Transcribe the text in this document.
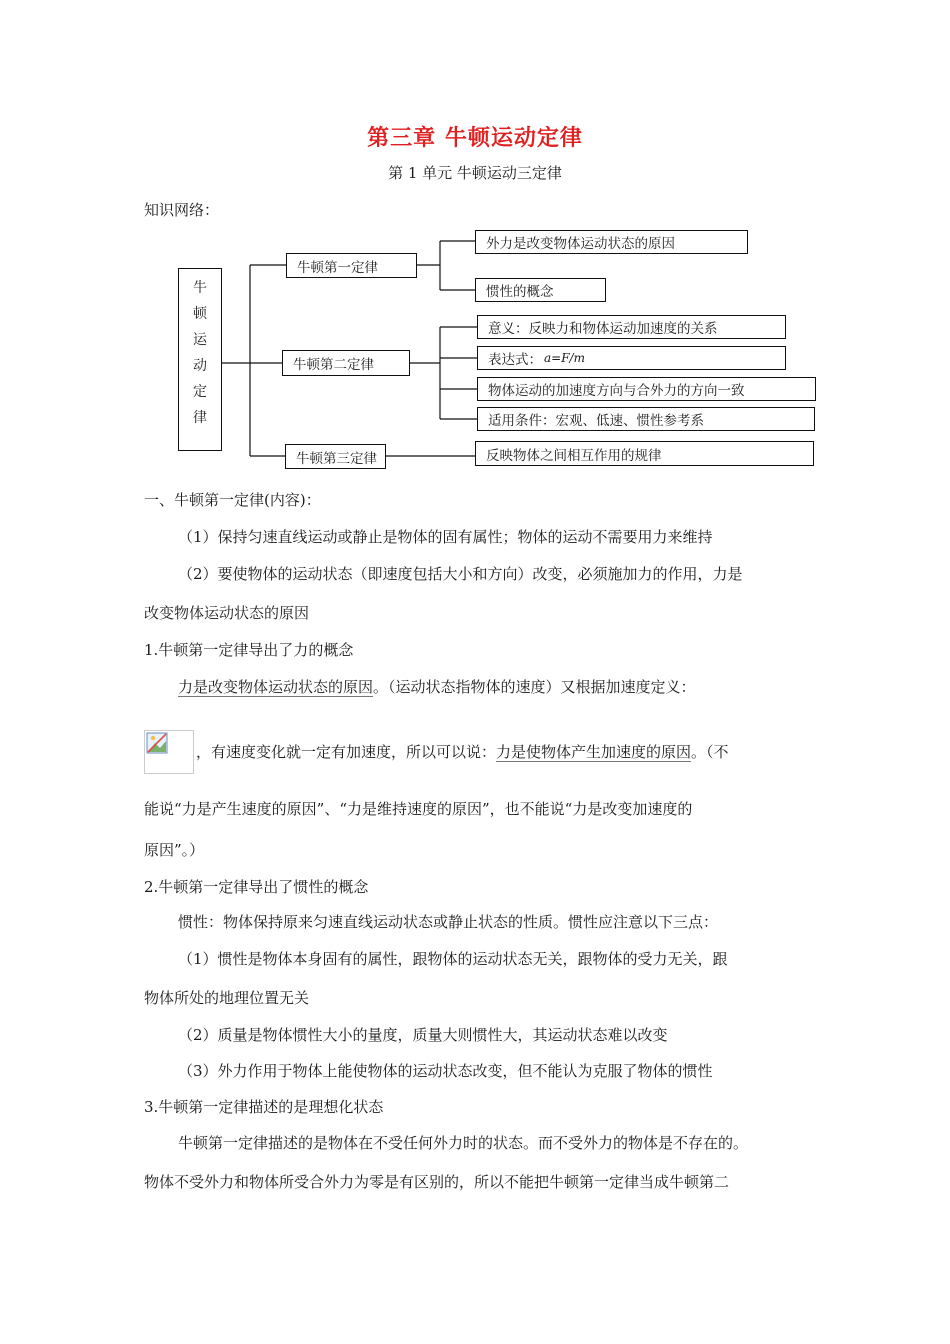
第三章 牛顿运动定律
第 1 单元 牛顿运动三定律
知识网络：
牛
顿
运
动
定
律
牛顿第一定律
外力是改变物体运动状态的原因
惯性的概念
牛顿第二定律
意义：反映力和物体运动加速度的关系
表达式： a=F/m
物体运动的加速度方向与合外力的方向一致
适用条件：宏观、低速、惯性参考系
牛顿第三定律	反映物体之间相互作用的规律
一、牛顿第一定律(内容)：
（1）保持匀速直线运动或静止是物体的固有属性；物体的运动不需要用力来维持
（2）要使物体的运动状态（即速度包括大小和方向）改变，必须施加力的作用，力是
改变物体运动状态的原因
1.牛顿第一定律导出了力的概念
力是改变物体运动状态的原因。（运动状态指物体的速度）又根据加速度定义：
，有速度变化就一定有加速度，所以可以说：力是使物体产生加速度的原因。（不
能说“力是产生速度的原因”、“力是维持速度的原因”，也不能说“力是改变加速度的
原因”。）
2.牛顿第一定律导出了惯性的概念
惯性：物体保持原来匀速直线运动状态或静止状态的性质。惯性应注意以下三点：
（1）惯性是物体本身固有的属性，跟物体的运动状态无关，跟物体的受力无关，跟
物体所处的地理位置无关
（2）质量是物体惯性大小的量度，质量大则惯性大，其运动状态难以改变
（3）外力作用于物体上能使物体的运动状态改变，但不能认为克服了物体的惯性
3.牛顿第一定律描述的是理想化状态
牛顿第一定律描述的是物体在不受任何外力时的状态。而不受外力的物体是不存在的。
物体不受外力和物体所受合外力为零是有区别的，所以不能把牛顿第一定律当成牛顿第二
